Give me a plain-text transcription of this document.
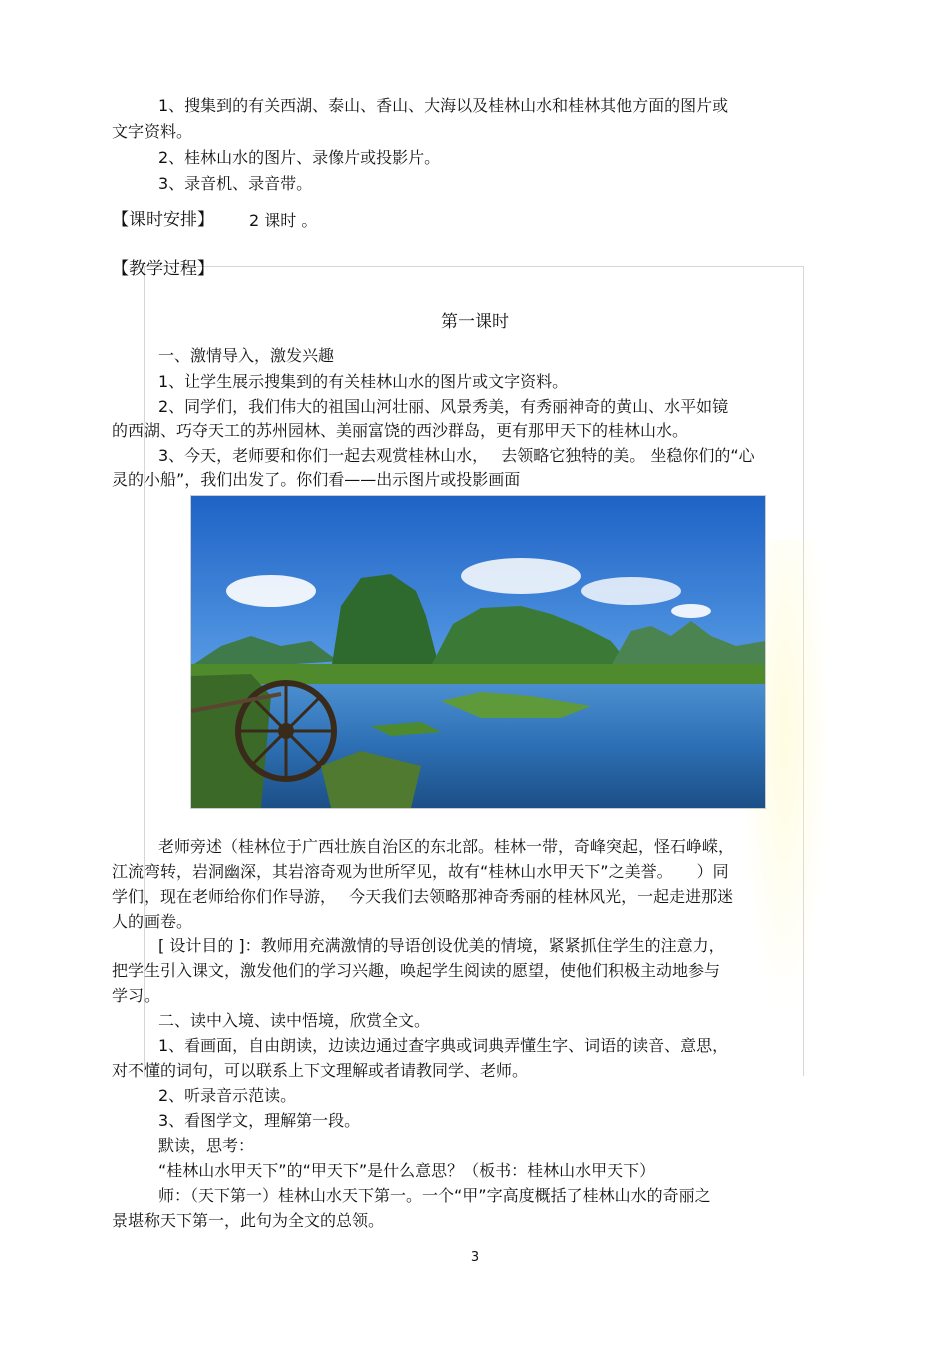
1、搜集到的有关西湖、泰山、香山、大海以及桂林山水和桂林其他方面的图片或
文字资料。
2、桂林山水的图片、录像片或投影片。
3、录音机、录音带。
【课时安排】 2 课时 。
【教学过程】
第一课时
一、激情导入，激发兴趣
1、让学生展示搜集到的有关桂林山水的图片或文字资料。
2、同学们，我们伟大的祖国山河壮丽、风景秀美，有秀丽神奇的黄山、水平如镜
的西湖、巧夺天工的苏州园林、美丽富饶的西沙群岛，更有那甲天下的桂林山水。
3、今天，老师要和你们一起去观赏桂林山水，　 去领略它独特的美。 坐稳你们的“心
灵的小船”，我们出发了。你们看——出示图片或投影画面
老师旁述（桂林位于广西壮族自治区的东北部。桂林一带，奇峰突起，怪石峥嵘，
江流弯转，岩洞幽深，其岩溶奇观为世所罕见，故有“桂林山水甲天下”之美誉。　　）同
学们，现在老师给你们作导游，　 今天我们去领略那神奇秀丽的桂林风光，一起走进那迷
人的画卷。
[ 设计目的 ]：教师用充满激情的导语创设优美的情境，紧紧抓住学生的注意力，
把学生引入课文，激发他们的学习兴趣，唤起学生阅读的愿望，使他们积极主动地参与
学习。
二、读中入境、读中悟境，欣赏全文。
1、看画面，自由朗读，边读边通过查字典或词典弄懂生字、词语的读音、意思，
对不懂的词句，可以联系上下文理解或者请教同学、老师。
2、听录音示范读。
3、看图学文，理解第一段。
默读，思考：
“桂林山水甲天下”的“甲天下”是什么意思？（板书：桂林山水甲天下）
师：（天下第一）桂林山水天下第一。一个“甲”字高度概括了桂林山水的奇丽之
景堪称天下第一，此句为全文的总领。
3
